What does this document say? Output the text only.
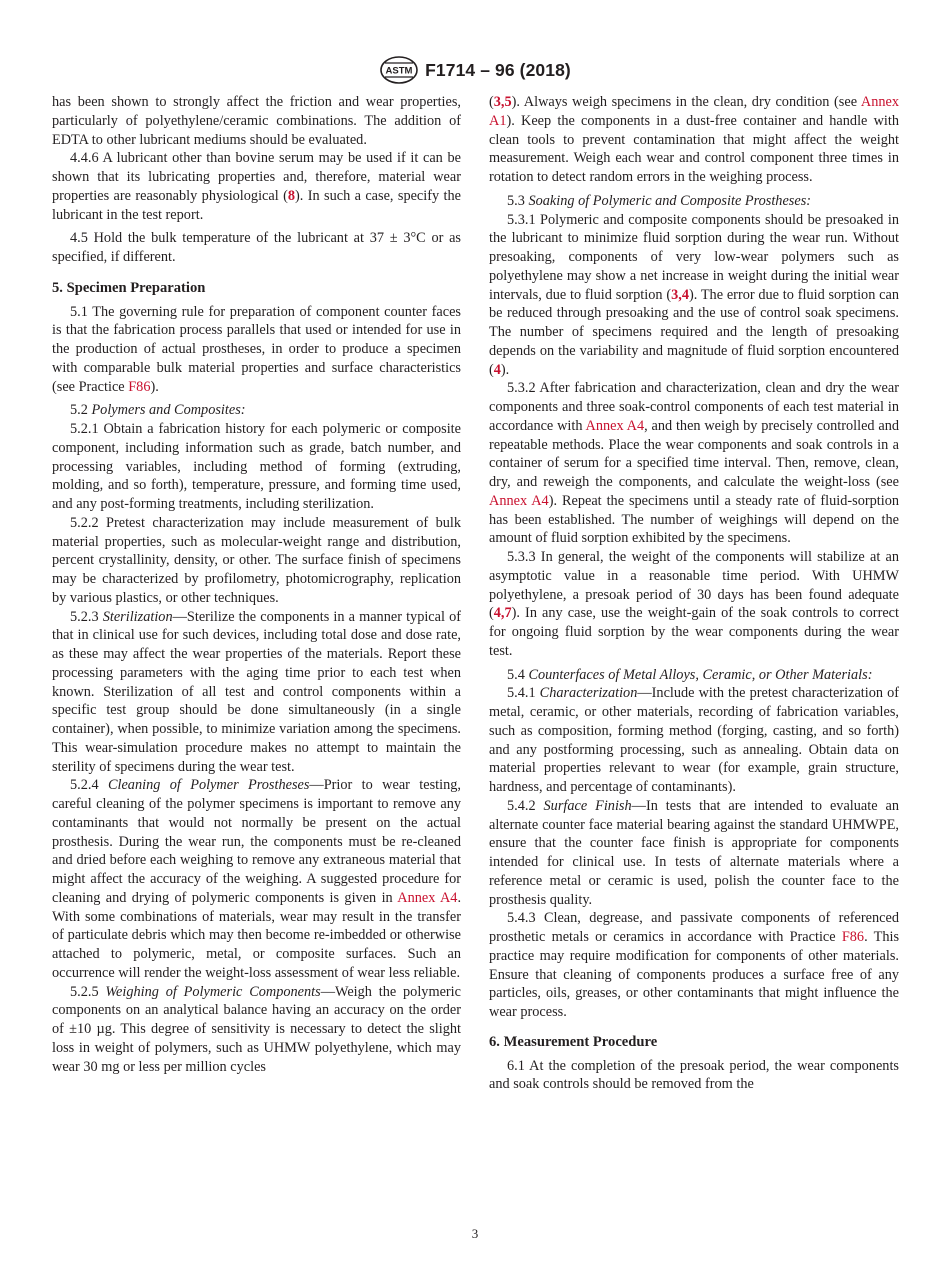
ASTM F1714 – 96 (2018)

has been shown to strongly affect the friction and wear properties, particularly of polyethylene/ceramic combinations. The addition of EDTA to other lubricant mediums should be evaluated.

4.4.6 A lubricant other than bovine serum may be used if it can be shown that its lubricating properties and, therefore, material wear properties are reasonably physiological (8). In such a case, specify the lubricant in the test report.

4.5 Hold the bulk temperature of the lubricant at 37 ± 3°C or as specified, if different.

5. Specimen Preparation

5.1 The governing rule for preparation of component counter faces is that the fabrication process parallels that used or intended for use in the production of actual prostheses, in order to produce a specimen with comparable bulk material properties and surface characteristics (see Practice F86).

5.2 Polymers and Composites:

5.2.1 Obtain a fabrication history for each polymeric or composite component, including information such as grade, batch number, and processing variables, including method of forming (extruding, molding, and so forth), temperature, pressure, and forming time used, and any post-forming treatments, including sterilization.

5.2.2 Pretest characterization may include measurement of bulk material properties, such as molecular-weight range and distribution, percent crystallinity, density, or other. The surface finish of specimens may be characterized by profilometry, photomicrography, replication by various plastics, or other techniques.

5.2.3 Sterilization—Sterilize the components in a manner typical of that in clinical use for such devices, including total dose and dose rate, as these may affect the wear properties of the materials. Report these processing parameters with the aging time prior to each test when known. Sterilization of all test and control components within a specific test group should be done simultaneously (in a single container), when possible, to minimize variation among the specimens. This wear-simulation procedure makes no attempt to maintain the sterility of specimens during the wear test.

5.2.4 Cleaning of Polymer Prostheses—Prior to wear testing, careful cleaning of the polymer specimens is important to remove any contaminants that would not normally be present on the actual prosthesis. During the wear run, the components must be re-cleaned and dried before each weighing to remove any extraneous material that might affect the accuracy of the weighing. A suggested procedure for cleaning and drying of polymeric components is given in Annex A4. With some combinations of materials, wear may result in the transfer of particulate debris which may then become re-imbedded or otherwise attached to polymeric, metal, or composite surfaces. Such an occurrence will render the weight-loss assessment of wear less reliable.

5.2.5 Weighing of Polymeric Components—Weigh the polymeric components on an analytical balance having an accuracy on the order of ±10 µg. This degree of sensitivity is necessary to detect the slight loss in weight of polymers, such as UHMW polyethylene, which may wear 30 mg or less per million cycles

(3,5). Always weigh specimens in the clean, dry condition (see Annex A1). Keep the components in a dust-free container and handle with clean tools to prevent contamination that might affect the weight measurement. Weigh each wear and control component three times in rotation to detect random errors in the weighing process.

5.3 Soaking of Polymeric and Composite Prostheses:

5.3.1 Polymeric and composite components should be presoaked in the lubricant to minimize fluid sorption during the wear run. Without presoaking, components of very low-wear polymers such as polyethylene may show a net increase in weight during the initial wear intervals, due to fluid sorption (3,4). The error due to fluid sorption can be reduced through presoaking and the use of control soak specimens. The number of specimens required and the length of presoaking depends on the variability and magnitude of fluid sorption encountered (4).

5.3.2 After fabrication and characterization, clean and dry the wear components and three soak-control components of each test material in accordance with Annex A4, and then weigh by precisely controlled and repeatable methods. Place the wear components and soak controls in a container of serum for a specified time interval. Then, remove, clean, dry, and reweigh the components, and calculate the weight-loss (see Annex A4). Repeat the specimens until a steady rate of fluid-sorption has been established. The number of weighings will depend on the amount of fluid sorption exhibited by the specimens.

5.3.3 In general, the weight of the components will stabilize at an asymptotic value in a reasonable time period. With UHMW polyethylene, a presoak period of 30 days has been found adequate (4,7). In any case, use the weight-gain of the soak controls to correct for ongoing fluid sorption by the wear components during the wear test.

5.4 Counterfaces of Metal Alloys, Ceramic, or Other Materials:

5.4.1 Characterization—Include with the pretest characterization of metal, ceramic, or other materials, recording of fabrication variables, such as composition, forming method (forging, casting, and so forth) and any postforming processing, such as annealing. Obtain data on material properties relevant to wear (for example, grain structure, hardness, and percentage of contaminants).

5.4.2 Surface Finish—In tests that are intended to evaluate an alternate counter face material bearing against the standard UHMWPE, ensure that the counter face finish is appropriate for components intended for clinical use. In tests of alternate materials where a reference metal or ceramic is used, polish the counter face to the prosthesis quality.

5.4.3 Clean, degrease, and passivate components of referenced prosthetic metals or ceramics in accordance with Practice F86. This practice may require modification for components of other materials. Ensure that cleaning of components produces a surface free of any particles, oils, greases, or other contaminants that might influence the wear process.

6. Measurement Procedure

6.1 At the completion of the presoak period, the wear components and soak controls should be removed from the

3
